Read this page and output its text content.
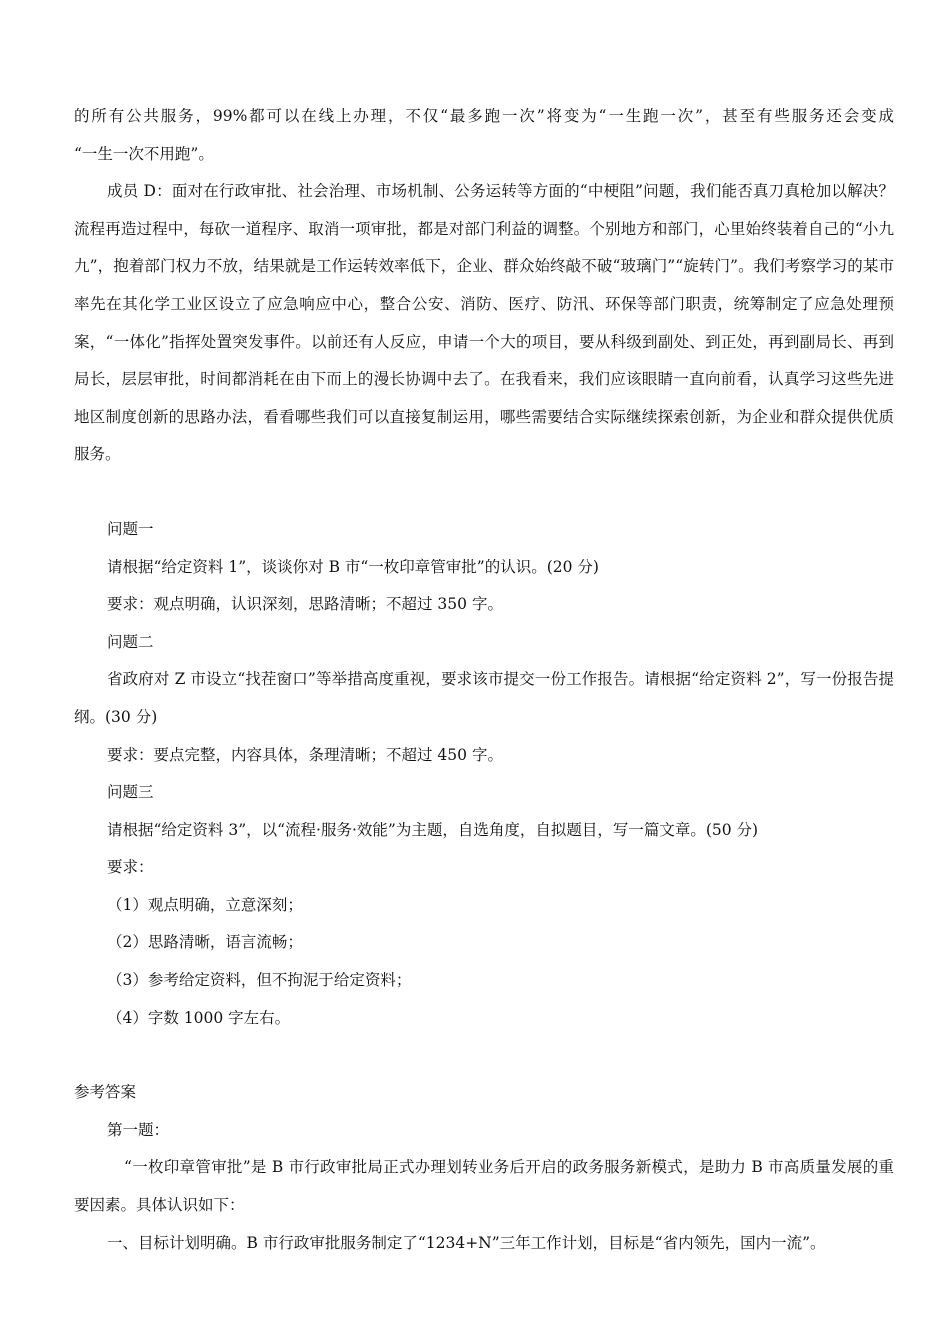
的所有公共服务，99%都可以在线上办理，不仅“最多跑一次”将变为“一生跑一次”，甚至有些服务还会变成

“一生一次不用跑”。

成员 D：面对在行政审批、社会治理、市场机制、公务运转等方面的“中梗阻”问题，我们能否真刀真枪加以解决？流程再造过程中，每砍一道程序、取消一项审批，都是对部门利益的调整。个别地方和部门，心里始终装着自己的“小九九”，抱着部门权力不放，结果就是工作运转效率低下，企业、群众始终敲不破“玻璃门”“旋转门”。我们考察学习的某市率先在其化学工业区设立了应急响应中心，整合公安、消防、医疗、防汛、环保等部门职责，统筹制定了应急处理预案，“一体化”指挥处置突发事件。以前还有人反应，申请一个大的项目，要从科级到副处、到正处，再到副局长、再到局长，层层审批，时间都消耗在由下而上的漫长协调中去了。在我看来，我们应该眼睛一直向前看，认真学习这些先进地区制度创新的思路办法，看看哪些我们可以直接复制运用，哪些需要结合实际继续探索创新，为企业和群众提供优质服务。

问题一

请根据“给定资料 1”，谈谈你对 B 市“一枚印章管审批”的认识。(20 分)

要求：观点明确，认识深刻，思路清晰；不超过 350 字。

问题二

省政府对 Z 市设立“找茬窗口”等举措高度重视，要求该市提交一份工作报告。请根据“给定资料 2”，写一份报告提纲。(30 分)

要求：要点完整，内容具体，条理清晰；不超过 450 字。

问题三

请根据“给定资料 3”，以“流程·服务·效能”为主题，自选角度，自拟题目，写一篇文章。(50 分)

要求：

（1）观点明确，立意深刻；

（2）思路清晰，语言流畅；

（3）参考给定资料，但不拘泥于给定资料；

（4）字数 1000 字左右。

参考答案

第一题：

“一枚印章管审批”是 B 市行政审批局正式办理划转业务后开启的政务服务新模式，是助力 B 市高质量发展的重要因素。具体认识如下：

一、目标计划明确。B 市行政审批服务制定了“1234+N”三年工作计划，目标是“省内领先，国内一流”。
